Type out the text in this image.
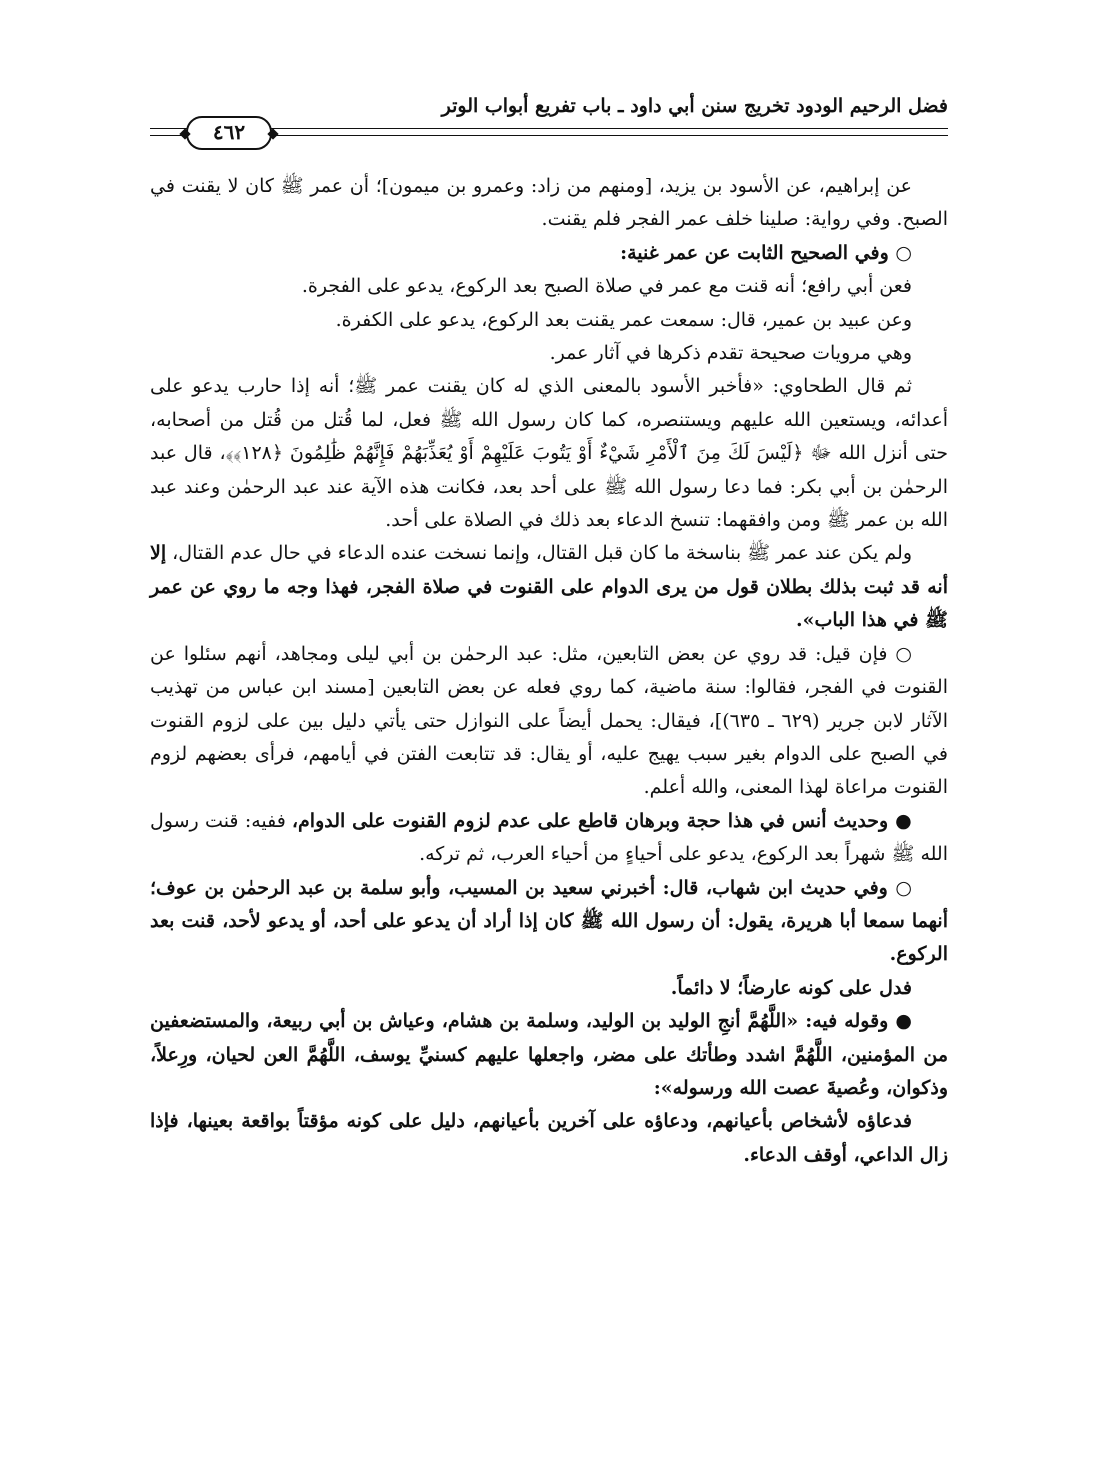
فضل الرحيم الودود تخريج سنن أبي داود ـ باب تفريع أبواب الوتر
٤٦٢

عن إبراهيم، عن الأسود بن يزيد، [ومنهم من زاد: وعمرو بن ميمون]؛ أن عمر ﷺ كان لا يقنت في الصبح. وفي رواية: صلينا خلف عمر الفجر فلم يقنت.

○ وفي الصحيح الثابت عن عمر غنية:

فعن أبي رافع؛ أنه قنت مع عمر في صلاة الصبح بعد الركوع، يدعو على الفجرة.

وعن عبيد بن عمير، قال: سمعت عمر يقنت بعد الركوع، يدعو على الكفرة.

وهي مرويات صحيحة تقدم ذكرها في آثار عمر.

ثم قال الطحاوي: «فأخبر الأسود بالمعنى الذي له كان يقنت عمر ﷺ؛ أنه إذا حارب يدعو على أعدائه، ويستعين الله عليهم ويستنصره، كما كان رسول الله ﷺ فعل، لما قُتل من قُتل من أصحابه، حتى أنزل الله ﷻ ﴿لَيْسَ لَكَ مِنَ ٱلْأَمْرِ شَيْءٌ أَوْ يَتُوبَ عَلَيْهِمْ أَوْ يُعَذِّبَهُمْ فَإِنَّهُمْ ظَٰلِمُونَ ﴿١٢٨﴾﴾، قال عبد الرحمٰن بن أبي بكر: فما دعا رسول الله ﷺ على أحد بعد، فكانت هذه الآية عند عبد الرحمٰن وعند عبد الله بن عمر ﷺ ومن وافقهما: تنسخ الدعاء بعد ذلك في الصلاة على أحد.

ولم يكن عند عمر ﷺ بناسخة ما كان قبل القتال، وإنما نسخت عنده الدعاء في حال عدم القتال، إلا أنه قد ثبت بذلك بطلان قول من يرى الدوام على القنوت في صلاة الفجر، فهذا وجه ما روي عن عمر ﷺ في هذا الباب».

○ فإن قيل: قد روي عن بعض التابعين، مثل: عبد الرحمٰن بن أبي ليلى ومجاهد، أنهم سئلوا عن القنوت في الفجر، فقالوا: سنة ماضية، كما روي فعله عن بعض التابعين [مسند ابن عباس من تهذيب الآثار لابن جرير (٦٢٩ ـ ٦٣٥)]، فيقال: يحمل أيضاً على النوازل حتى يأتي دليل بين على لزوم القنوت في الصبح على الدوام بغير سبب يهيج عليه، أو يقال: قد تتابعت الفتن في أيامهم، فرأى بعضهم لزوم القنوت مراعاة لهذا المعنى، والله أعلم.

● وحديث أنس في هذا حجة وبرهان قاطع على عدم لزوم القنوت على الدوام، ففيه: قنت رسول الله ﷺ شهراً بعد الركوع، يدعو على أحياءٍ من أحياء العرب، ثم تركه.

○ وفي حديث ابن شهاب، قال: أخبرني سعيد بن المسيب، وأبو سلمة بن عبد الرحمٰن بن عوف؛ أنهما سمعا أبا هريرة، يقول: أن رسول الله ﷺ كان إذا أراد أن يدعو على أحد، أو يدعو لأحد، قنت بعد الركوع.

فدل على كونه عارضاً؛ لا دائماً.

● وقوله فيه: «اللَّهُمَّ أنجِ الوليد بن الوليد، وسلمة بن هشام، وعياش بن أبي ربيعة، والمستضعفين من المؤمنين، اللَّهُمَّ اشدد وطأتك على مضر، واجعلها عليهم كسنيِّ يوسف، اللَّهُمَّ العن لحيان، ورِعلاً، وذكوان، وعُصيةَ عصت الله ورسوله»:

فدعاؤه لأشخاص بأعيانهم، ودعاؤه على آخرين بأعيانهم، دليل على كونه مؤقتاً بواقعة بعينها، فإذا زال الداعي، أوقف الدعاء.
